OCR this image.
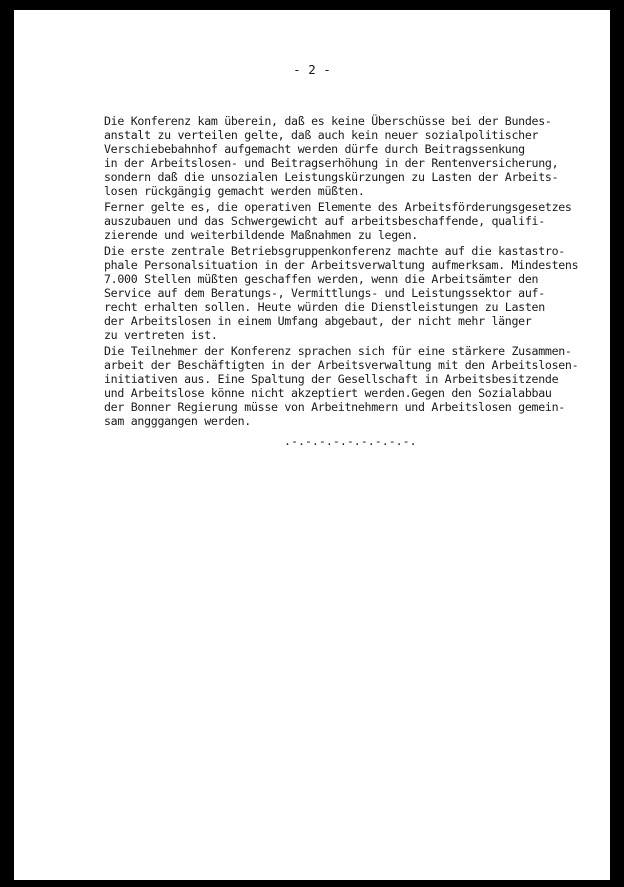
- 2 -
Die Konferenz kam überein, daß es keine Überschüsse bei der Bundes-
anstalt zu verteilen gelte, daß auch kein neuer sozialpolitischer
Verschiebebahnhof aufgemacht werden dürfe durch Beitragssenkung
in der Arbeitslosen- und Beitragserhöhung in der Rentenversicherung,
sondern daß die unsozialen Leistungskürzungen zu Lasten der Arbeits-
losen rückgängig gemacht werden müßten.
Ferner gelte es, die operativen Elemente des Arbeitsförderungsgesetzes
auszubauen und das Schwergewicht auf arbeitsbeschaffende, qualifi-
zierende und weiterbildende Maßnahmen zu legen.
Die erste zentrale Betriebsgruppenkonferenz machte auf die kastastro-
phale Personalsituation in der Arbeitsverwaltung aufmerksam. Mindestens
7.000 Stellen müßten geschaffen werden, wenn die Arbeitsämter den
Service auf dem Beratungs-, Vermittlungs- und Leistungssektor auf-
recht erhalten sollen. Heute würden die Dienstleistungen zu Lasten
der Arbeitslosen in einem Umfang abgebaut, der nicht mehr länger
zu vertreten ist.
Die Teilnehmer der Konferenz sprachen sich für eine stärkere Zusammen-
arbeit der Beschäftigten in der Arbeitsverwaltung mit den Arbeitslosen-
initiativen aus. Eine Spaltung der Gesellschaft in Arbeitsbesitzende
und Arbeitslose könne nicht akzeptiert werden.Gegen den Sozialabbau
der Bonner Regierung müsse von Arbeitnehmern und Arbeitslosen gemein-
sam angggangen werden.
.-.-.-.-.-.-.-.-.-.
